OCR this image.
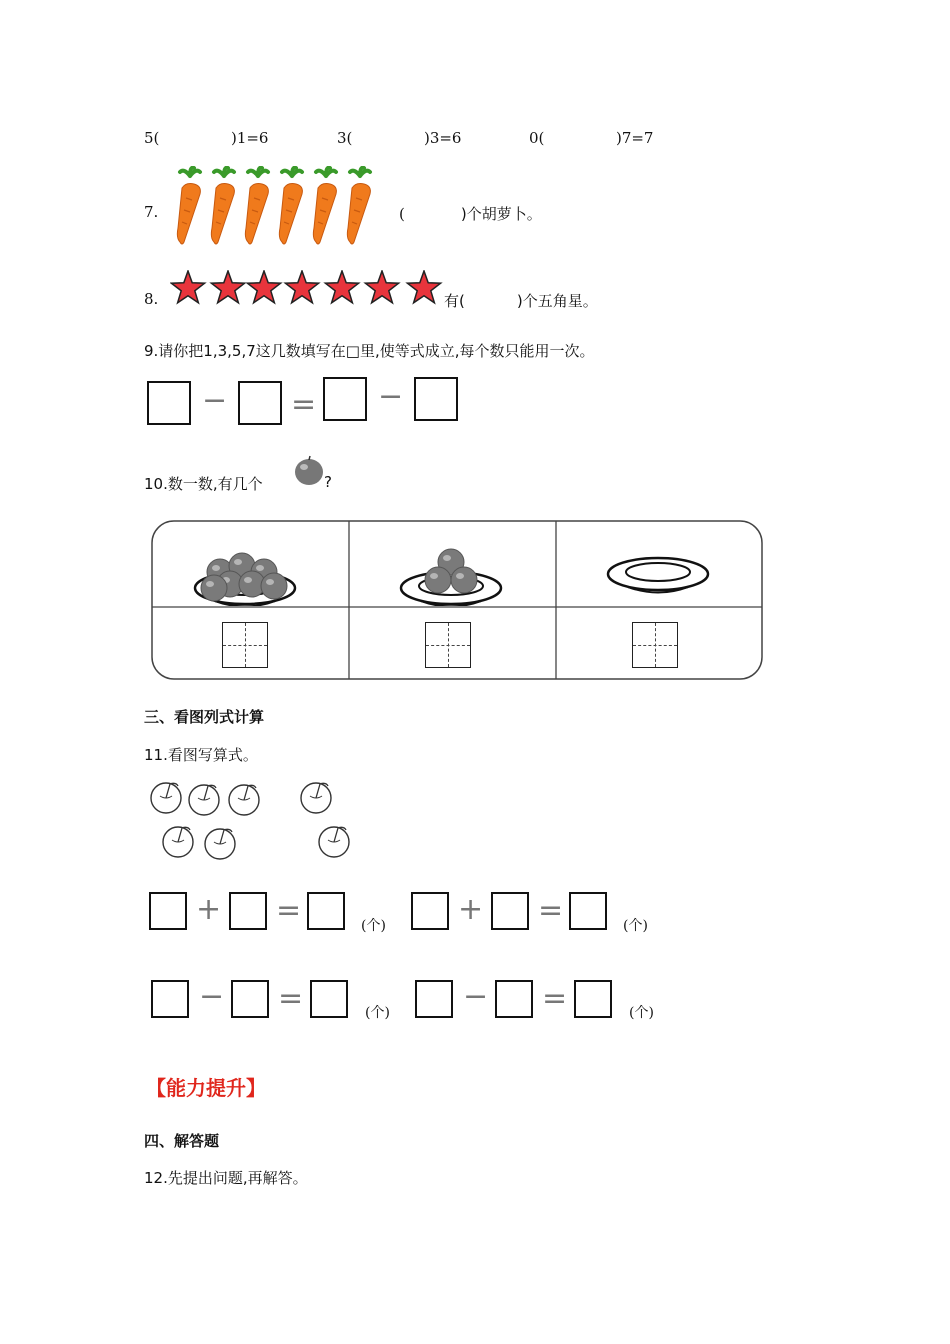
5(	)1=6	3(	)3=6	0(	)7=7
7.	(	)个胡萝卜。
8.	有(	)个五角星。
9.请你把1,3,5,7这几数填写在□里,使等式成立,每个数只能用一次。
− = −
10.数一数,有几个	?
三、看图列式计算
11.看图写算式。
+ =	(个) + =	(个)
− =	(个) − =	(个)
【能力提升】
四、解答题
12.先提出问题,再解答。
